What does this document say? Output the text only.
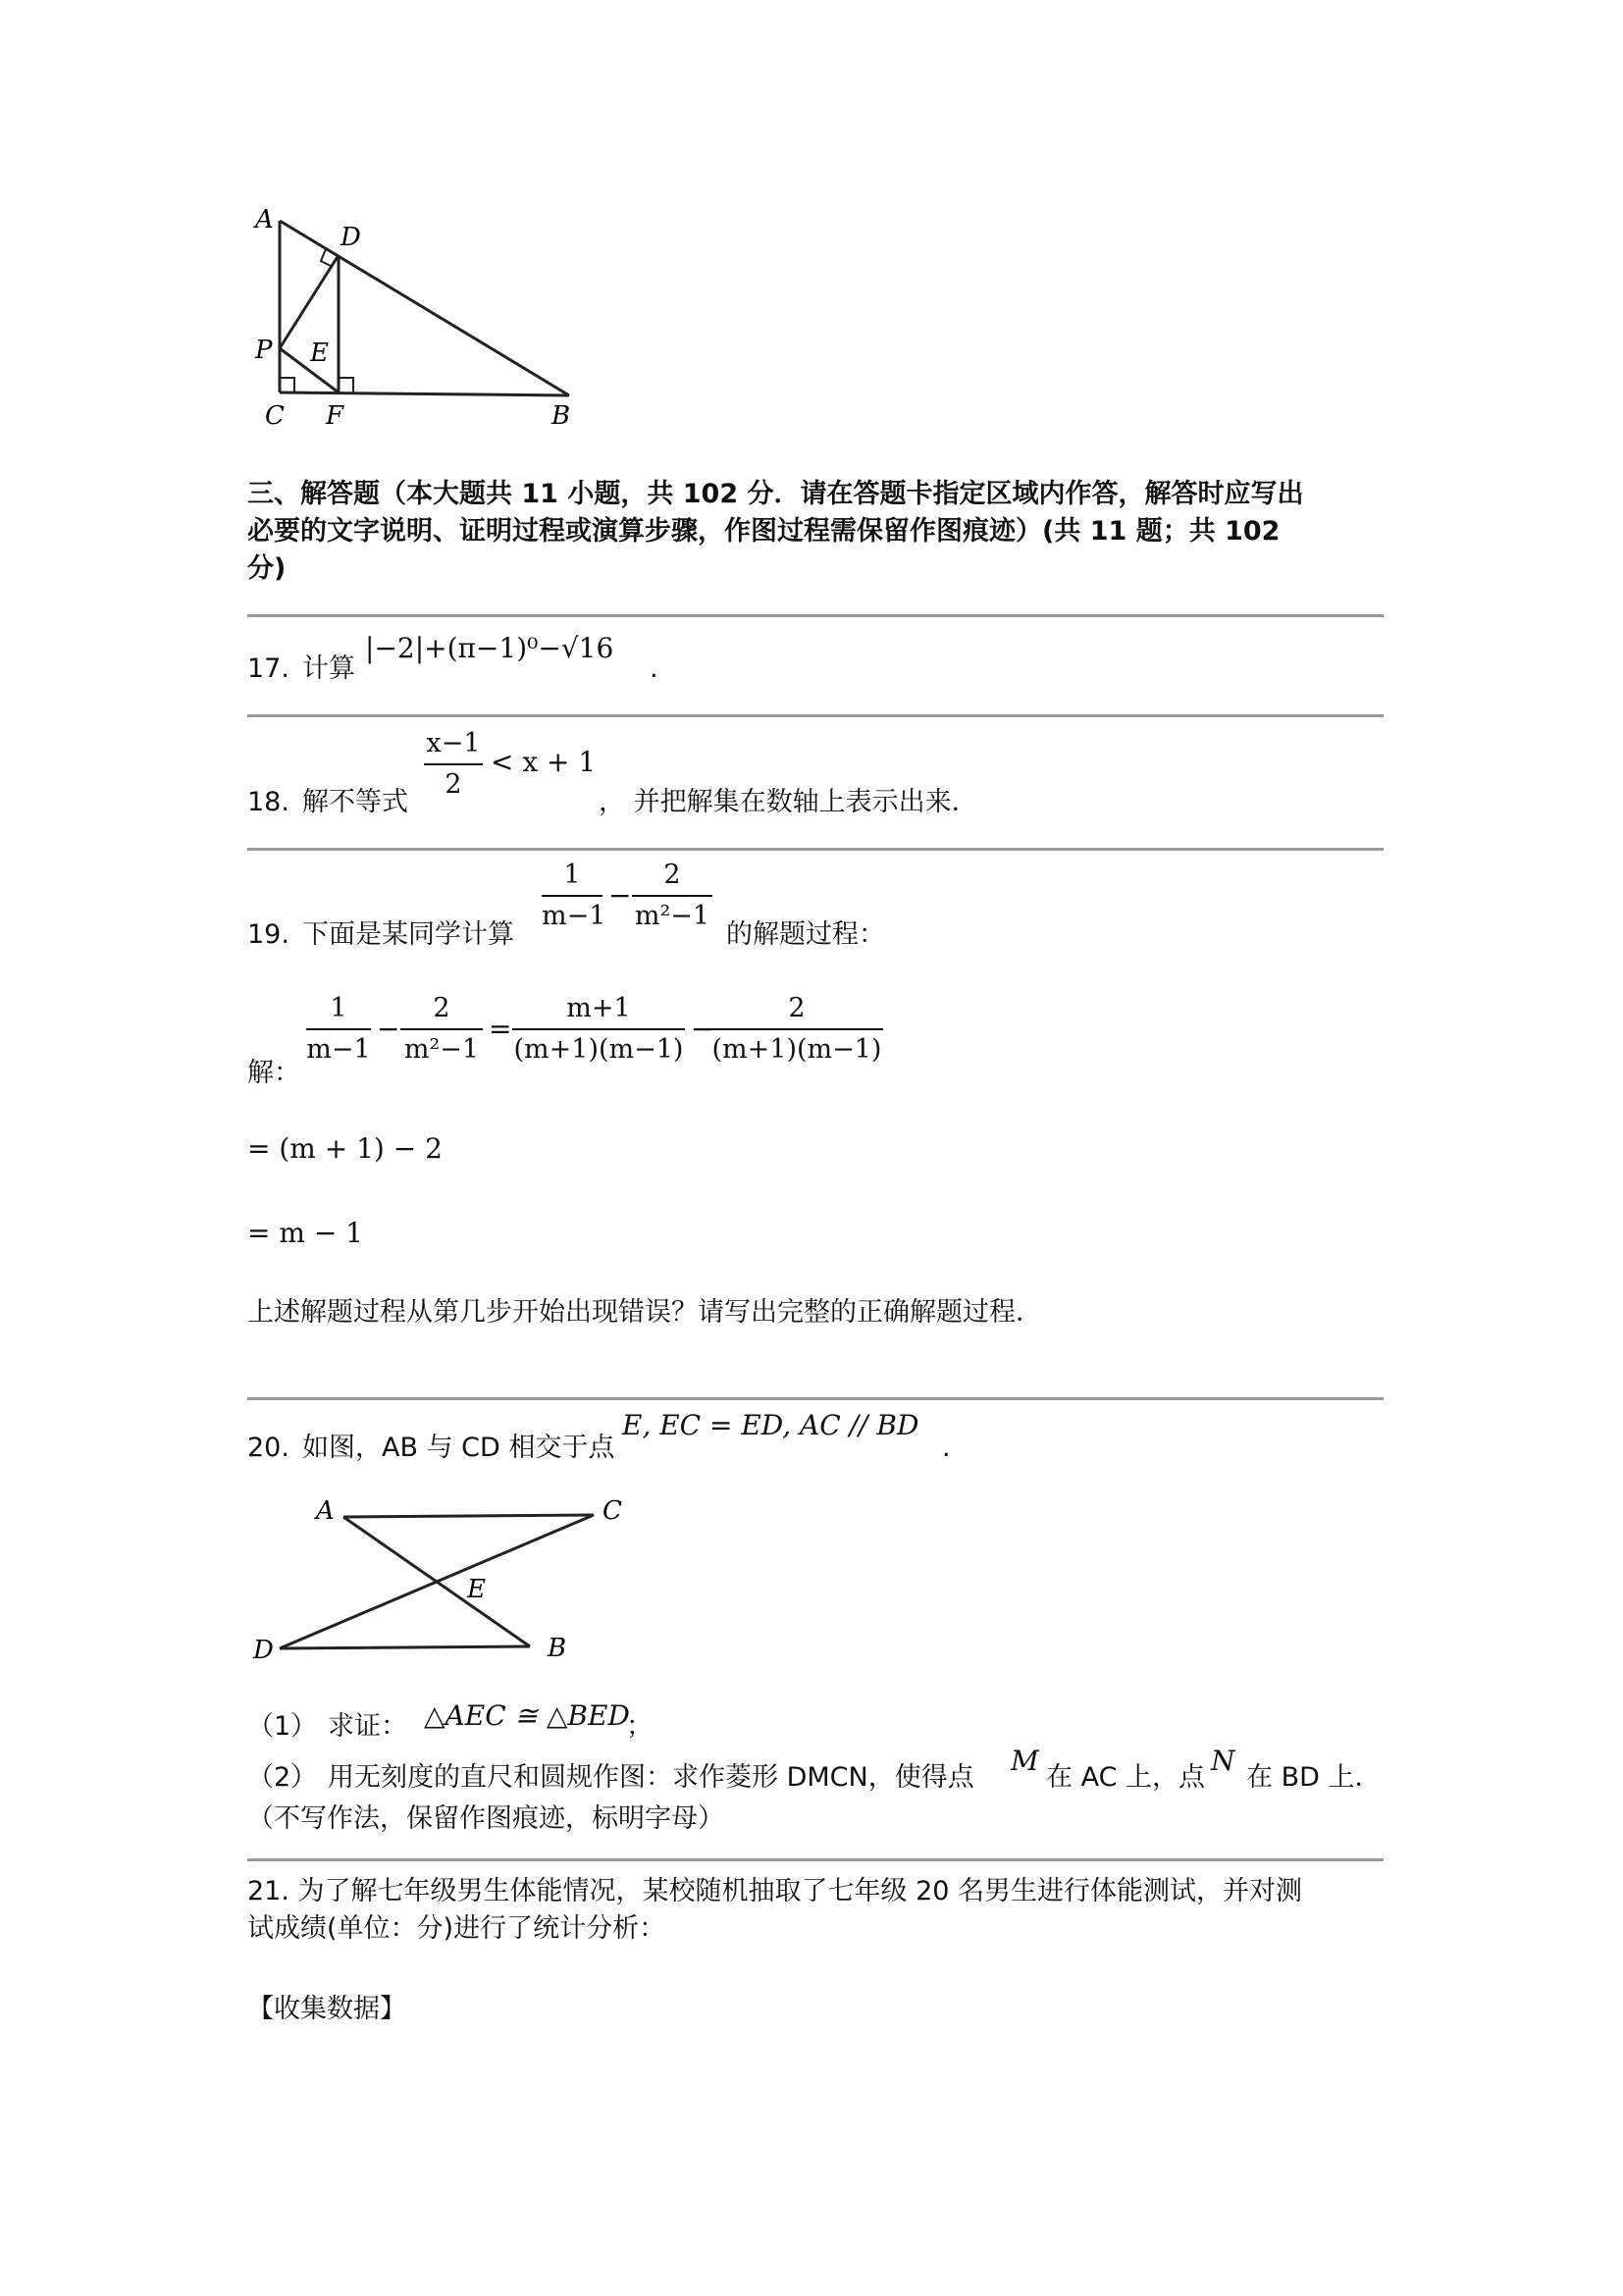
A
D
P E
C F	B
三、解答题（本大题共 11 小题，共 102 分．请在答题卡指定区域内作答，解答时应写出
必要的文字说明、证明过程或演算步骤，作图过程需保留作图痕迹）(共 11 题；共 102
分)
17. 计算
|−2|+(π−1)⁰−√16
.
18. 解不等式
x−1
2
< x + 1
， 并把解集在数轴上表示出来．
19. 下面是某同学计算
1
m−1
−
2
m²−1
的解题过程：
解：
1
m−1
−
2
m²−1
=
m+1
(m+1)(m−1)
−
2
(m+1)(m−1)
= (m + 1) − 2
= m − 1
上述解题过程从第几步开始出现错误？请写出完整的正确解题过程．
20. 如图，AB 与 CD 相交于点
E, EC = ED, AC // BD
.
A	C
E
D	B
（1） 求证： △AEC ≅ △BED
；
（2） 用无刻度的直尺和圆规作图：求作菱形 DMCN，使得点
M
在 AC 上，点
N
在 BD 上．
（不写作法，保留作图痕迹，标明字母）
21. 为了解七年级男生体能情况，某校随机抽取了七年级 20 名男生进行体能测试，并对测
试成绩(单位：分)进行了统计分析：
【收集数据】
